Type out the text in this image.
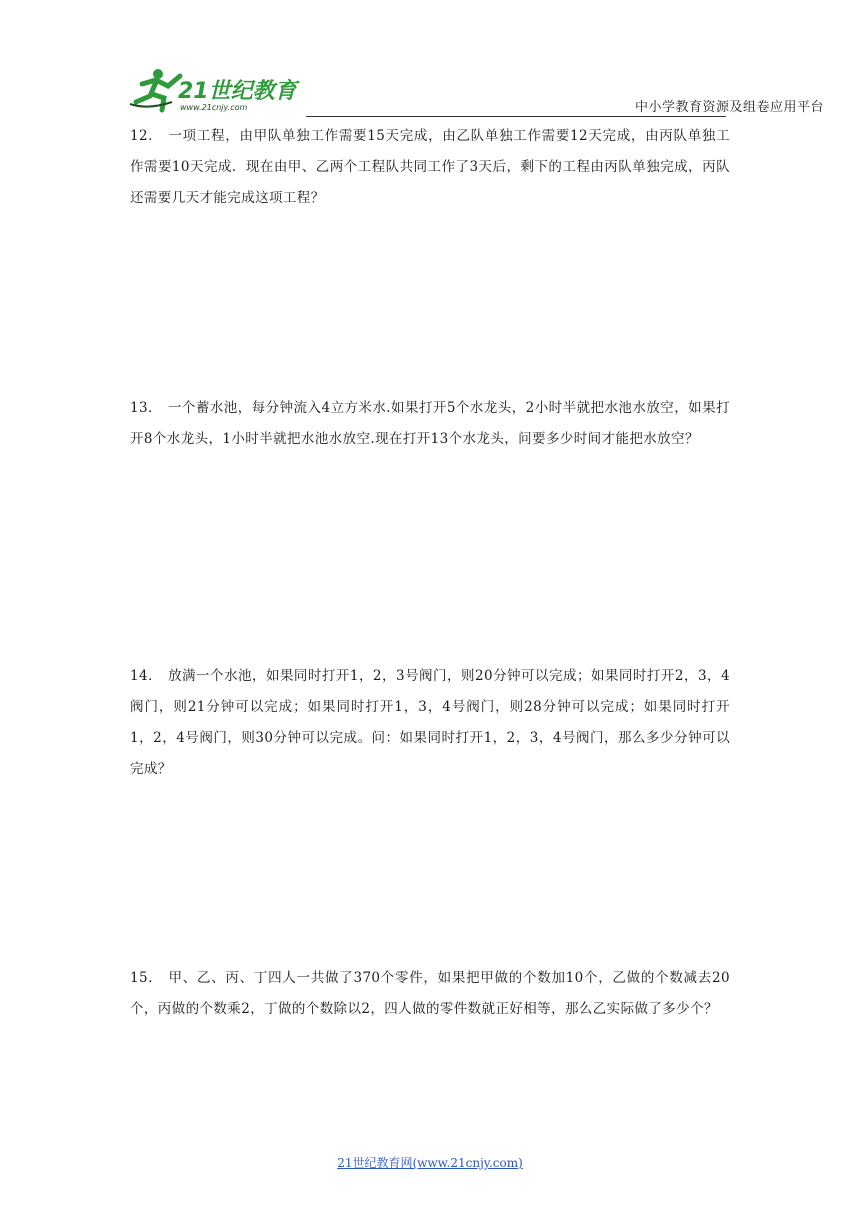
21世纪教育
www.21cnjy.com	中小学教育资源及组卷应用平台
12． 一项工程，由甲队单独工作需要15天完成，由乙队单独工作需要12天完成，由丙队单独工作需要10天完成．现在由甲、乙两个工程队共同工作了3天后，剩下的工程由丙队单独完成，丙队还需要几天才能完成这项工程？
13． 一个蓄水池，每分钟流入4立方米水.如果打开5个水龙头，2小时半就把水池水放空，如果打开8个水龙头，1小时半就把水池水放空.现在打开13个水龙头，问要多少时间才能把水放空？
14． 放满一个水池，如果同时打开1，2，3号阀门，则20分钟可以完成；如果同时打开2，3，4阀门，则21分钟可以完成；如果同时打开1，3，4号阀门，则28分钟可以完成；如果同时打开1，2，4号阀门，则30分钟可以完成。问：如果同时打开1，2，3，4号阀门，那么多少分钟可以完成？
15． 甲、乙、丙、丁四人一共做了370个零件，如果把甲做的个数加10个，乙做的个数减去20个，丙做的个数乘2，丁做的个数除以2，四人做的零件数就正好相等，那么乙实际做了多少个？
21世纪教育网(www.21cnjy.com)
